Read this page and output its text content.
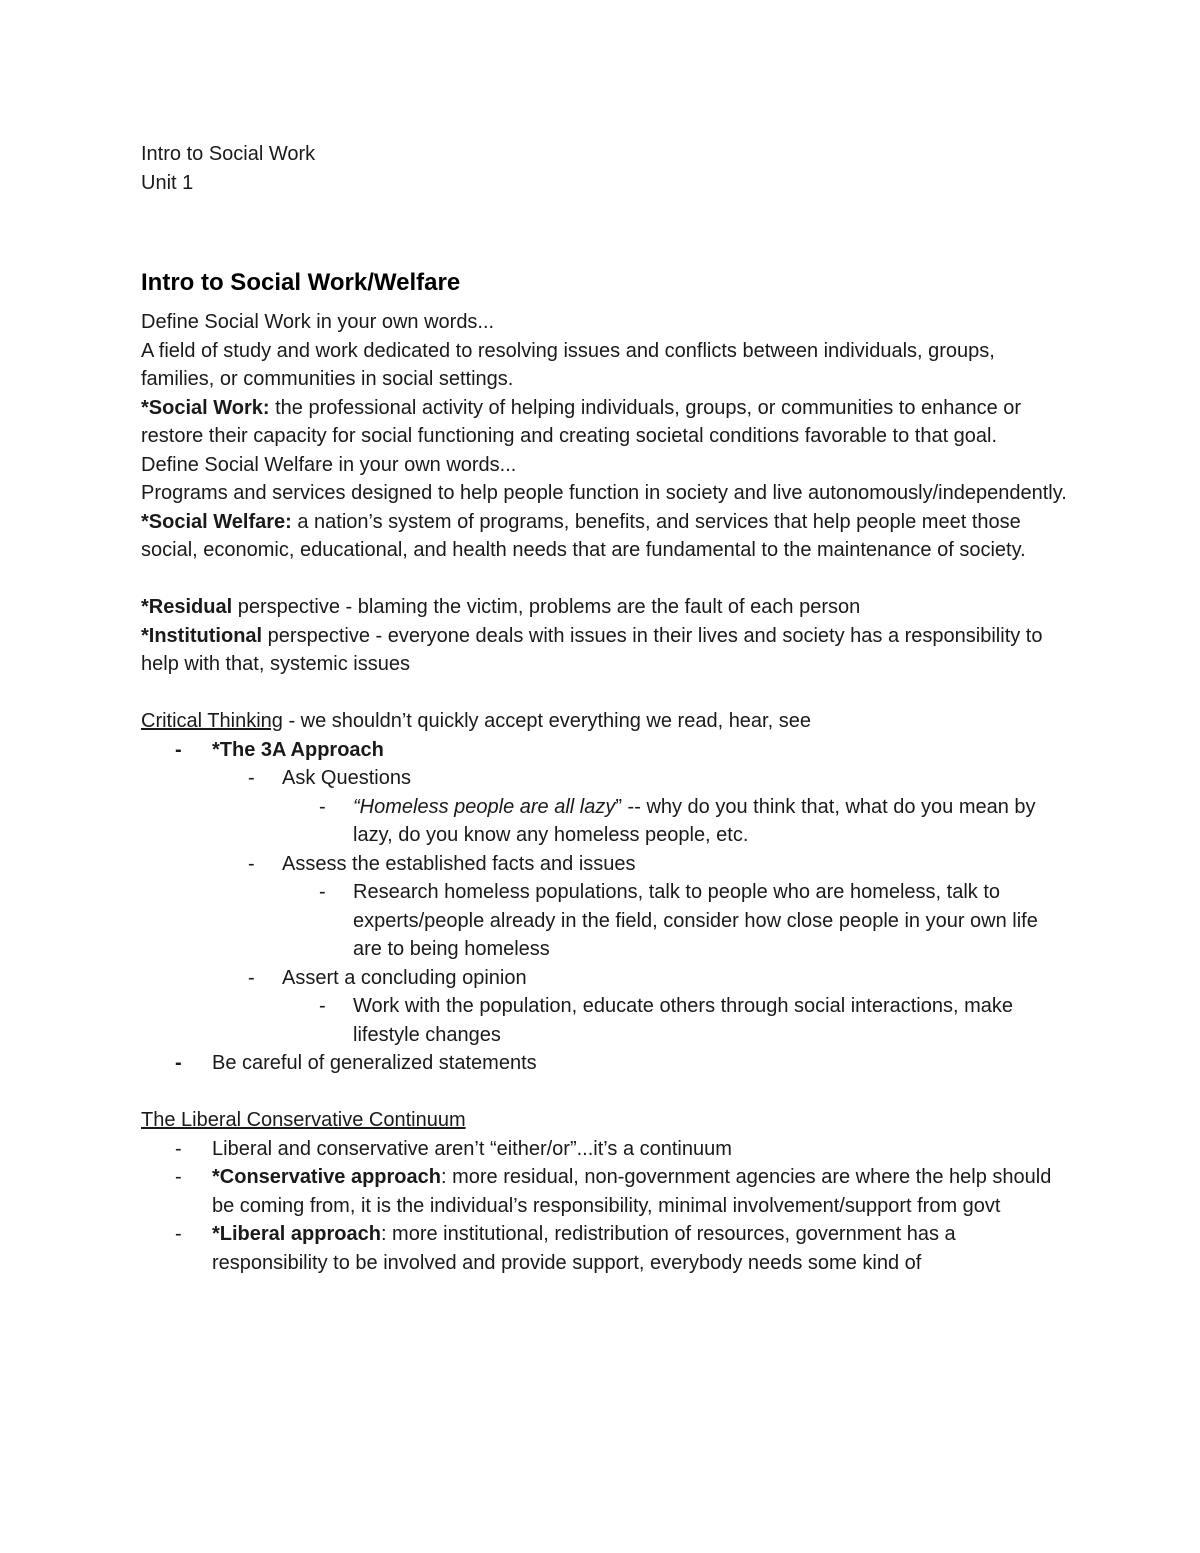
Intro to Social Work

Unit 1

Intro to Social Work/Welfare

Define Social Work in your own words...

A field of study and work dedicated to resolving issues and conflicts between individuals, groups, families, or communities in social settings.

*Social Work: the professional activity of helping individuals, groups, or communities to enhance or restore their capacity for social functioning and creating societal conditions favorable to that goal.

Define Social Welfare in your own words...

Programs and services designed to help people function in society and live autonomously/independently.

*Social Welfare: a nation’s system of programs, benefits, and services that help people meet those social, economic, educational, and health needs that are fundamental to the maintenance of society.

*Residual perspective - blaming the victim, problems are the fault of each person

*Institutional perspective - everyone deals with issues in their lives and society has a responsibility to help with that, systemic issues

Critical Thinking - we shouldn’t quickly accept everything we read, hear, see

- *The 3A Approach
- Ask Questions
- “Homeless people are all lazy” -- why do you think that, what do you mean by lazy, do you know any homeless people, etc.
- Assess the established facts and issues
- Research homeless populations, talk to people who are homeless, talk to experts/people already in the field, consider how close people in your own life are to being homeless
- Assert a concluding opinion
- Work with the population, educate others through social interactions, make lifestyle changes
- Be careful of generalized statements

The Liberal Conservative Continuum

- Liberal and conservative aren’t “either/or”...it’s a continuum
- *Conservative approach: more residual, non-government agencies are where the help should be coming from, it is the individual’s responsibility, minimal involvement/support from govt
- *Liberal approach: more institutional, redistribution of resources, government has a responsibility to be involved and provide support, everybody needs some kind of
